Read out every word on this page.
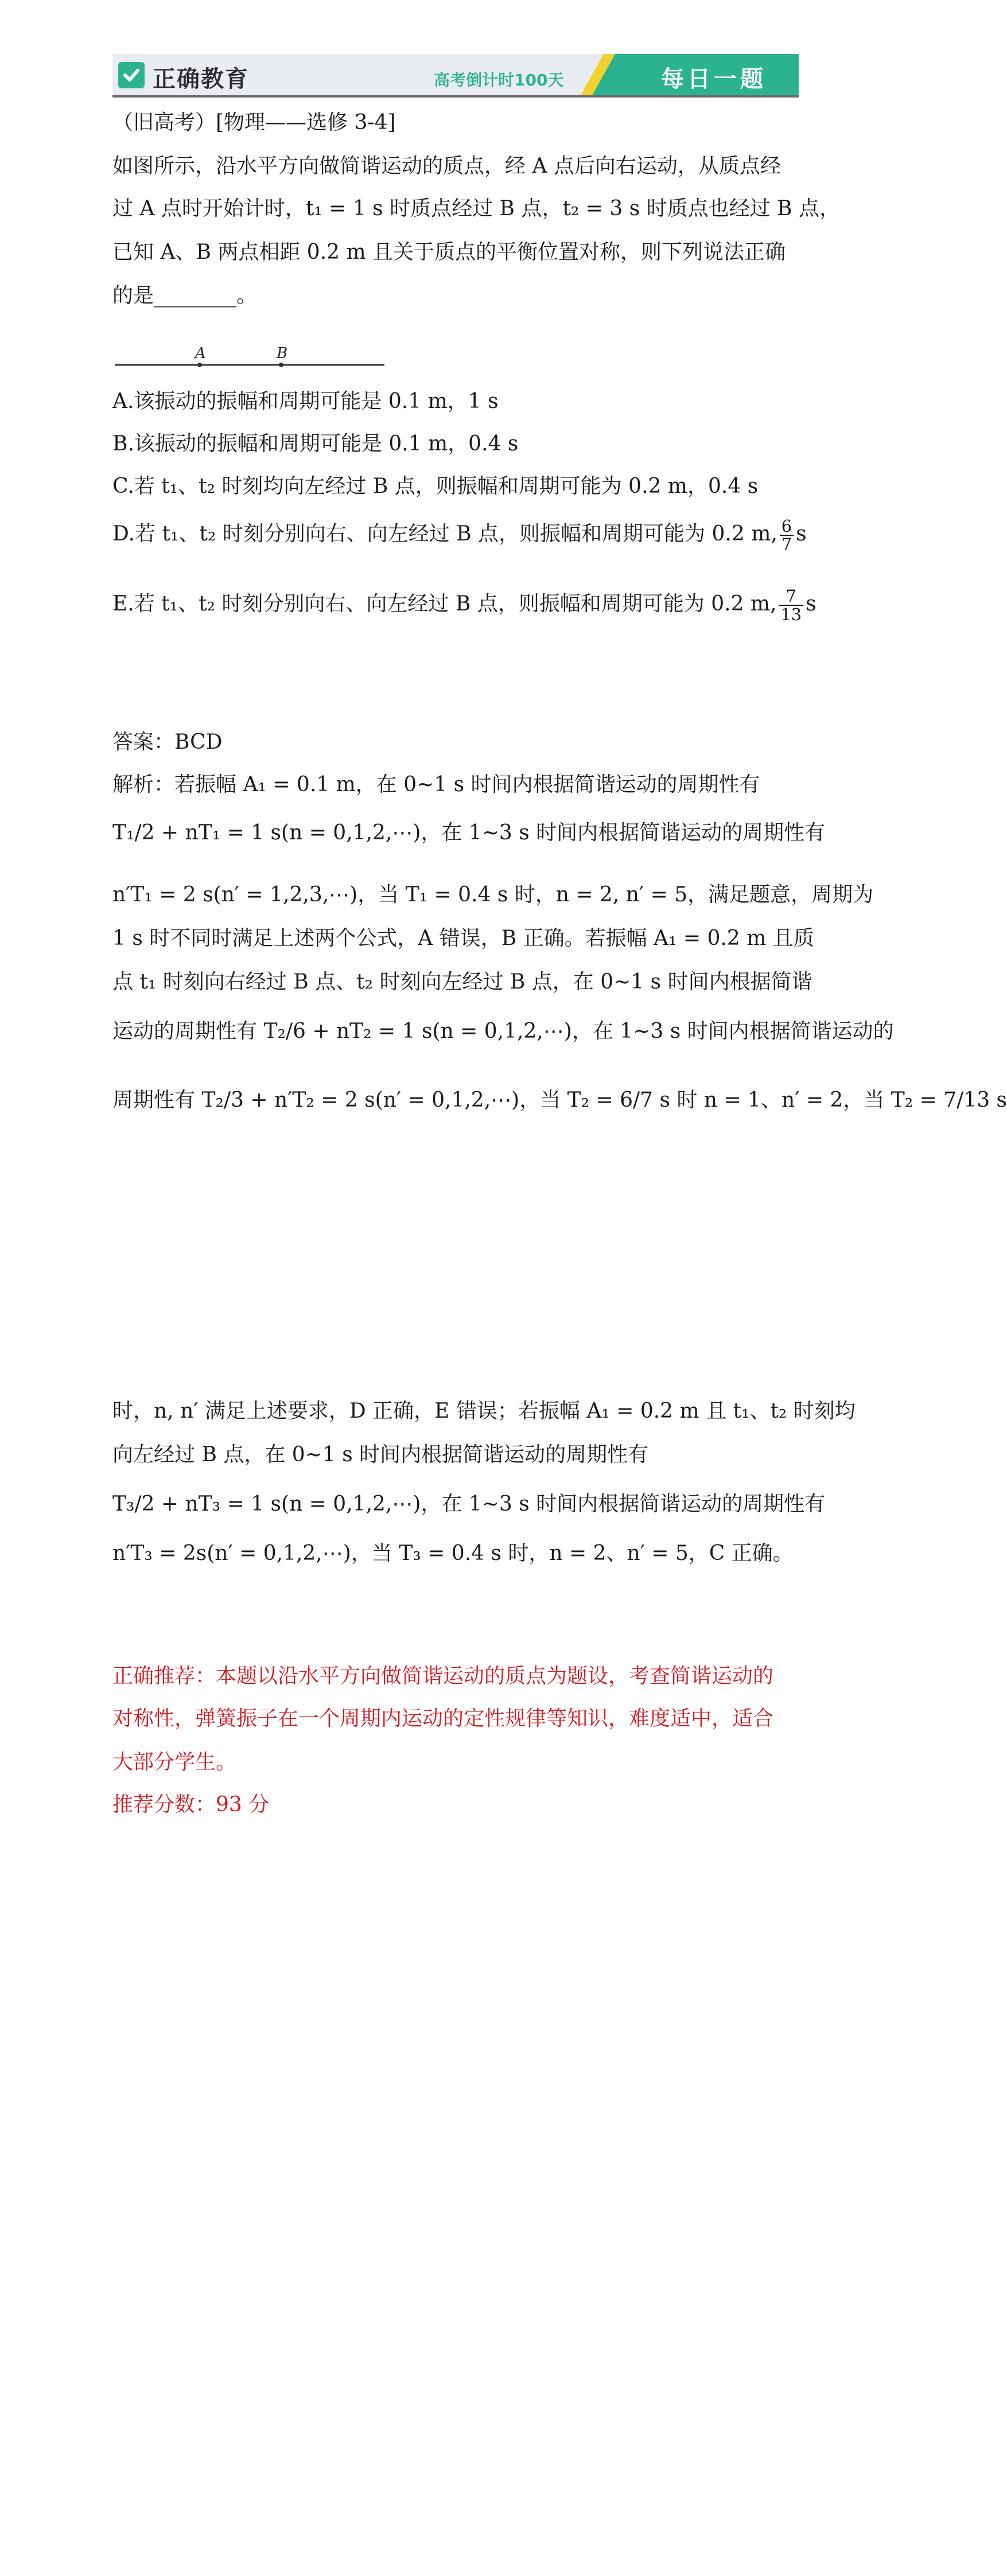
正确教育	高考倒计时100天	每日一题
（旧高考）[物理——选修 3-4]
如图所示，沿水平方向做简谐运动的质点，经 A 点后向右运动，从质点经
过 A 点时开始计时，t₁ = 1 s 时质点经过 B 点，t₂ = 3 s 时质点也经过 B 点，
已知 A、B 两点相距 0.2 m 且关于质点的平衡位置对称，则下列说法正确
的是________。
A	B
A.该振动的振幅和周期可能是 0.1 m，1 s
B.该振动的振幅和周期可能是 0.1 m，0.4 s
C.若 t₁、t₂ 时刻均向左经过 B 点，则振幅和周期可能为 0.2 m，0.4 s
D.若 t₁、t₂ 时刻分别向右、向左经过 B 点，则振幅和周期可能为 0.2 m, $\frac{6}{7}$ s
E.若 t₁、t₂ 时刻分别向右、向左经过 B 点，则振幅和周期可能为 0.2 m, $\frac{7}{13}$ s
答案：BCD
解析：若振幅 A₁ = 0.1 m，在 0~1 s 时间内根据简谐运动的周期性有
T₁/2 + nT₁ = 1 s(n = 0,1,2,⋯)，在 1~3 s 时间内根据简谐运动的周期性有
n′T₁ = 2 s(n′ = 1,2,3,⋯)，当 T₁ = 0.4 s 时，n = 2, n′ = 5，满足题意，周期为
1 s 时不同时满足上述两个公式，A 错误，B 正确。若振幅 A₁ = 0.2 m 且质
点 t₁ 时刻向右经过 B 点、t₂ 时刻向左经过 B 点，在 0~1 s 时间内根据简谐
运动的周期性有 T₂/6 + nT₂ = 1 s(n = 0,1,2,⋯)，在 1~3 s 时间内根据简谐运动的
周期性有 T₂/3 + n′T₂ = 2 s(n′ = 0,1,2,⋯)，当 T₂ = 6/7 s 时 n = 1、n′ = 2，当 T₂ = 7/13 s
时，n, n′ 满足上述要求，D 正确，E 错误；若振幅 A₁ = 0.2 m 且 t₁、t₂ 时刻均
向左经过 B 点，在 0~1 s 时间内根据简谐运动的周期性有
T₃/2 + nT₃ = 1 s(n = 0,1,2,⋯)，在 1~3 s 时间内根据简谐运动的周期性有
n′T₃ = 2s(n′ = 0,1,2,⋯)，当 T₃ = 0.4 s 时，n = 2、n′ = 5，C 正确。
正确推荐：本题以沿水平方向做简谐运动的质点为题设，考查简谐运动的
对称性，弹簧振子在一个周期内运动的定性规律等知识，难度适中，适合
大部分学生。
推荐分数：93 分
